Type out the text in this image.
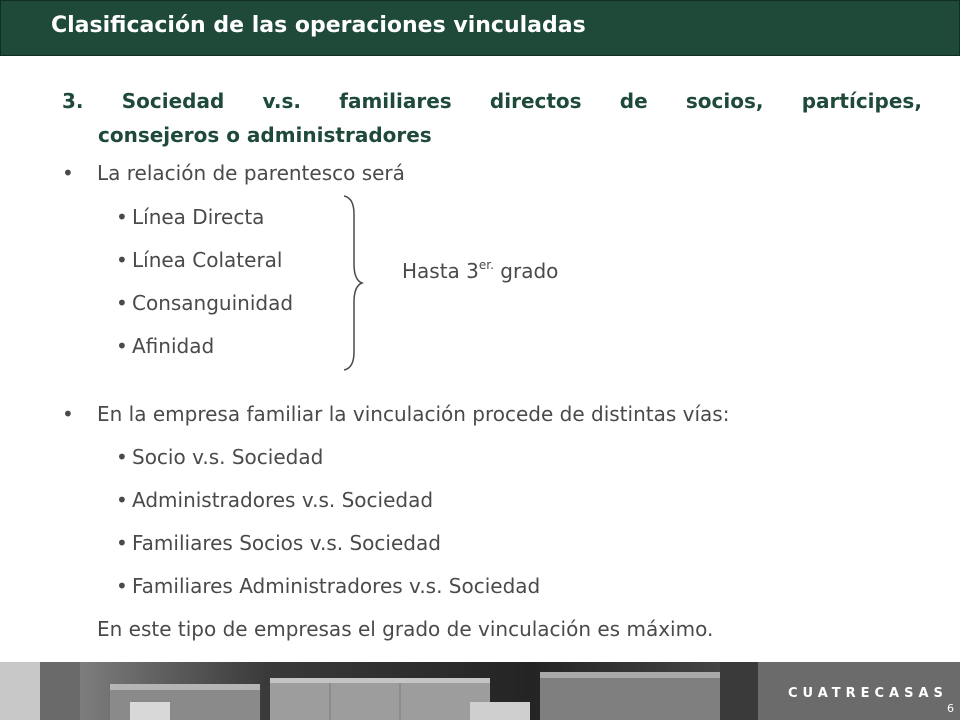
Clasificación de las operaciones vinculadas
3. Sociedad v.s. familiares directos de socios, partícipes,
consejeros o administradores
• La relación de parentesco será
• Línea Directa
• Línea Colateral
• Consanguinidad
• Afinidad
Hasta $3^{er.}$ grado
• En la empresa familiar la vinculación procede de distintas vías:
• Socio v.s. Sociedad
• Administradores v.s. Sociedad
• Familiares Socios v.s. Sociedad
• Familiares Administradores v.s. Sociedad
En este tipo de empresas el grado de vinculación es máximo.
CUATRECASAS
6
